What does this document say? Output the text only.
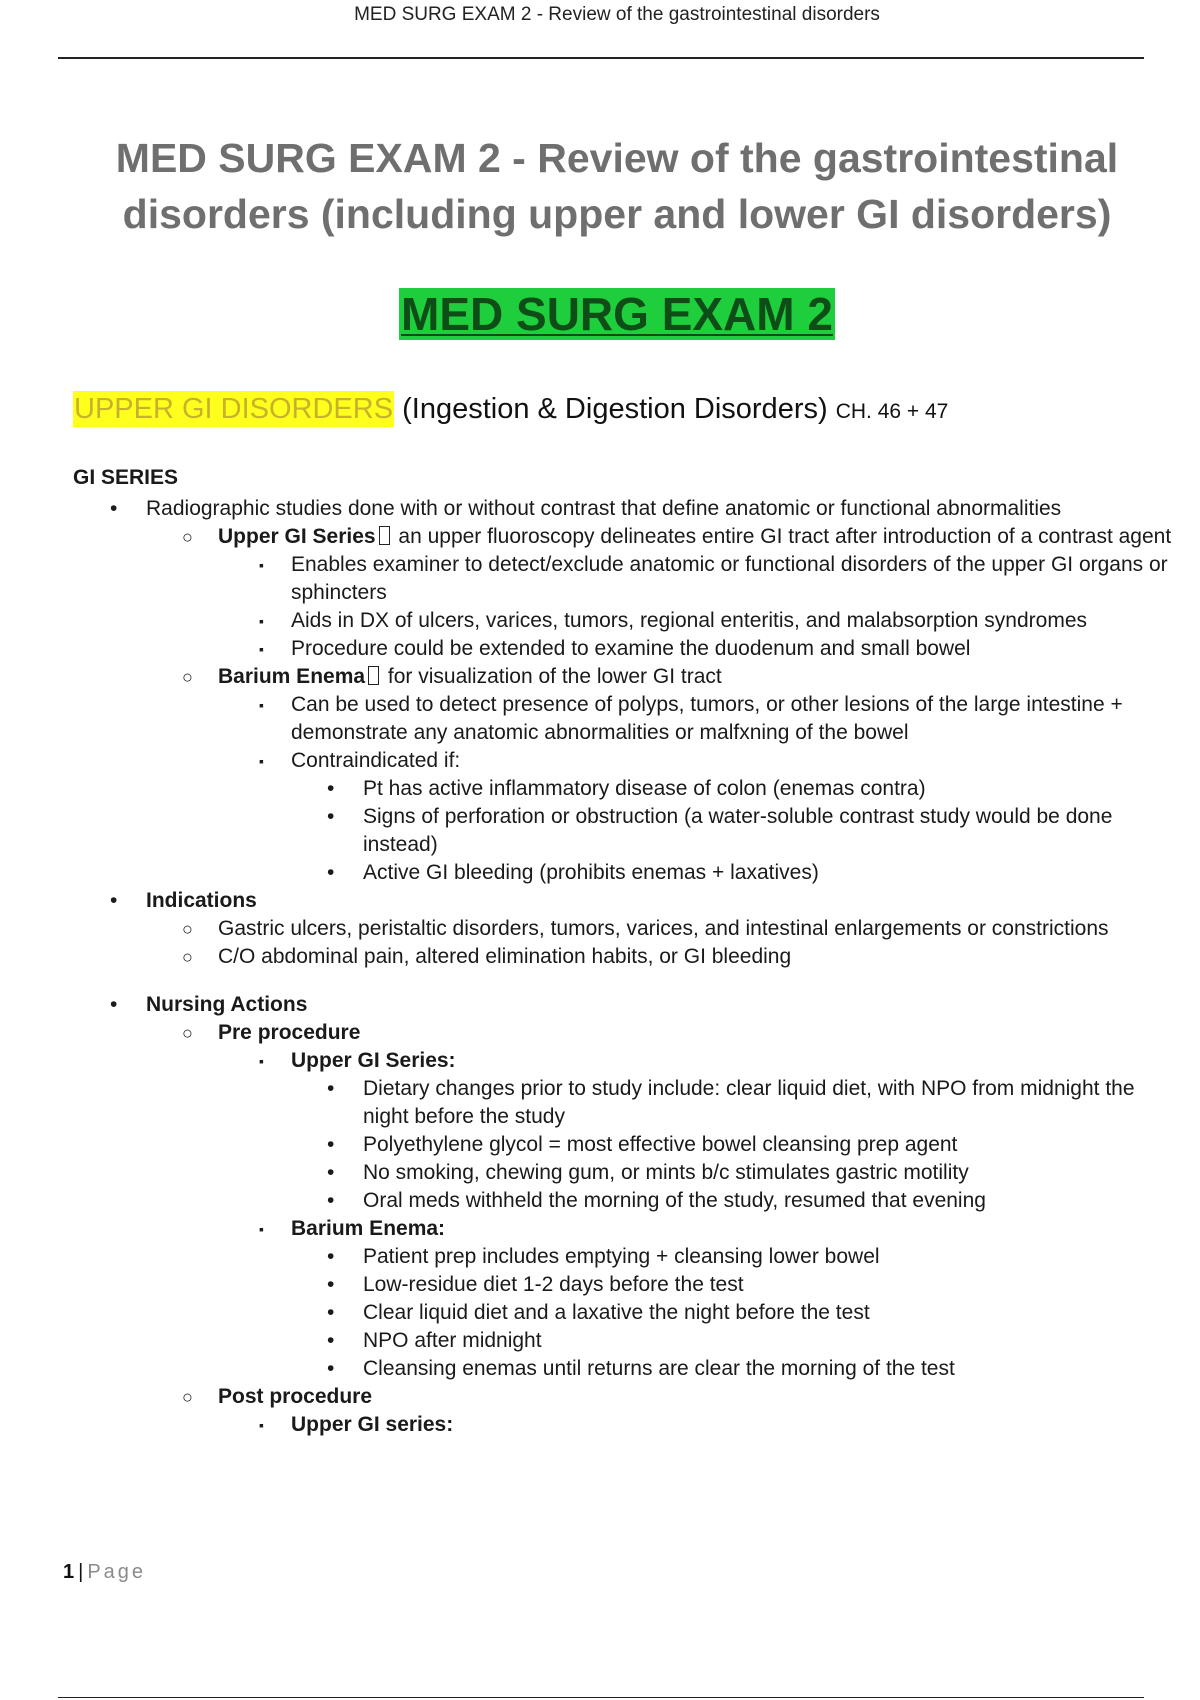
MED SURG EXAM 2 - Review of the gastrointestinal disorders
MED SURG EXAM 2 - Review of the gastrointestinal
disorders (including upper and lower GI disorders)
MED SURG EXAM 2
UPPER GI DISORDERS (Ingestion & Digestion Disorders) CH. 46 + 47
GI SERIES
• Radiographic studies done with or without contrast that define anatomic or functional abnormalities
○ Upper GI Series an upper fluoroscopy delineates entire GI tract after introduction of a contrast agent
▪ Enables examiner to detect/exclude anatomic or functional disorders of the upper GI organs or sphincters
▪ Aids in DX of ulcers, varices, tumors, regional enteritis, and malabsorption syndromes
▪ Procedure could be extended to examine the duodenum and small bowel
○ Barium Enema for visualization of the lower GI tract
▪ Can be used to detect presence of polyps, tumors, or other lesions of the large intestine + demonstrate any anatomic abnormalities or malfxning of the bowel
▪ Contraindicated if:
• Pt has active inflammatory disease of colon (enemas contra)
• Signs of perforation or obstruction (a water-soluble contrast study would be done instead)
• Active GI bleeding (prohibits enemas + laxatives)
• Indications
○ Gastric ulcers, peristaltic disorders, tumors, varices, and intestinal enlargements or constrictions
○ C/O abdominal pain, altered elimination habits, or GI bleeding
• Nursing Actions
○ Pre procedure
▪ Upper GI Series:
• Dietary changes prior to study include: clear liquid diet, with NPO from midnight the night before the study
• Polyethylene glycol = most effective bowel cleansing prep agent
• No smoking, chewing gum, or mints b/c stimulates gastric motility
• Oral meds withheld the morning of the study, resumed that evening
▪ Barium Enema:
• Patient prep includes emptying + cleansing lower bowel
• Low-residue diet 1-2 days before the test
• Clear liquid diet and a laxative the night before the test
• NPO after midnight
• Cleansing enemas until returns are clear the morning of the test
○ Post procedure
▪ Upper GI series:
1 | Page
